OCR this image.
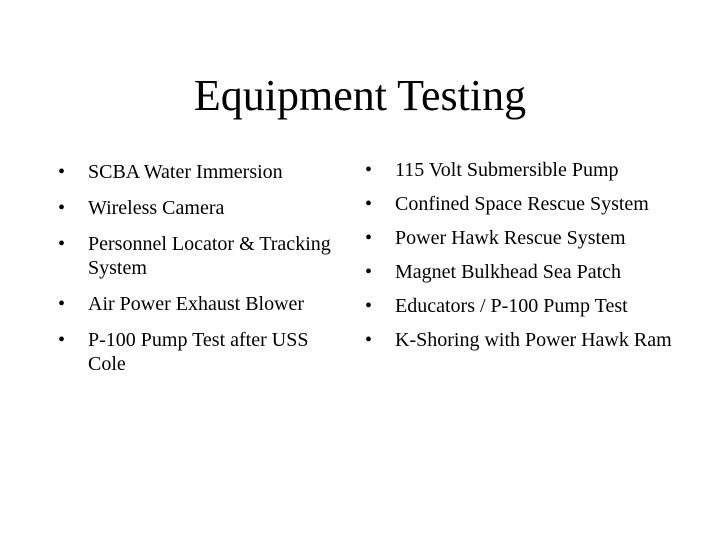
Equipment Testing
•	SCBA Water Immersion
•	Wireless Camera
•	Personnel Locator & Tracking System
•	Air Power Exhaust Blower
•	P-100 Pump Test after USS Cole
•	115 Volt Submersible Pump
•	Confined Space Rescue System
•	Power Hawk Rescue System
•	Magnet Bulkhead Sea Patch
•	Educators / P-100 Pump Test
•	K-Shoring with Power Hawk Ram
